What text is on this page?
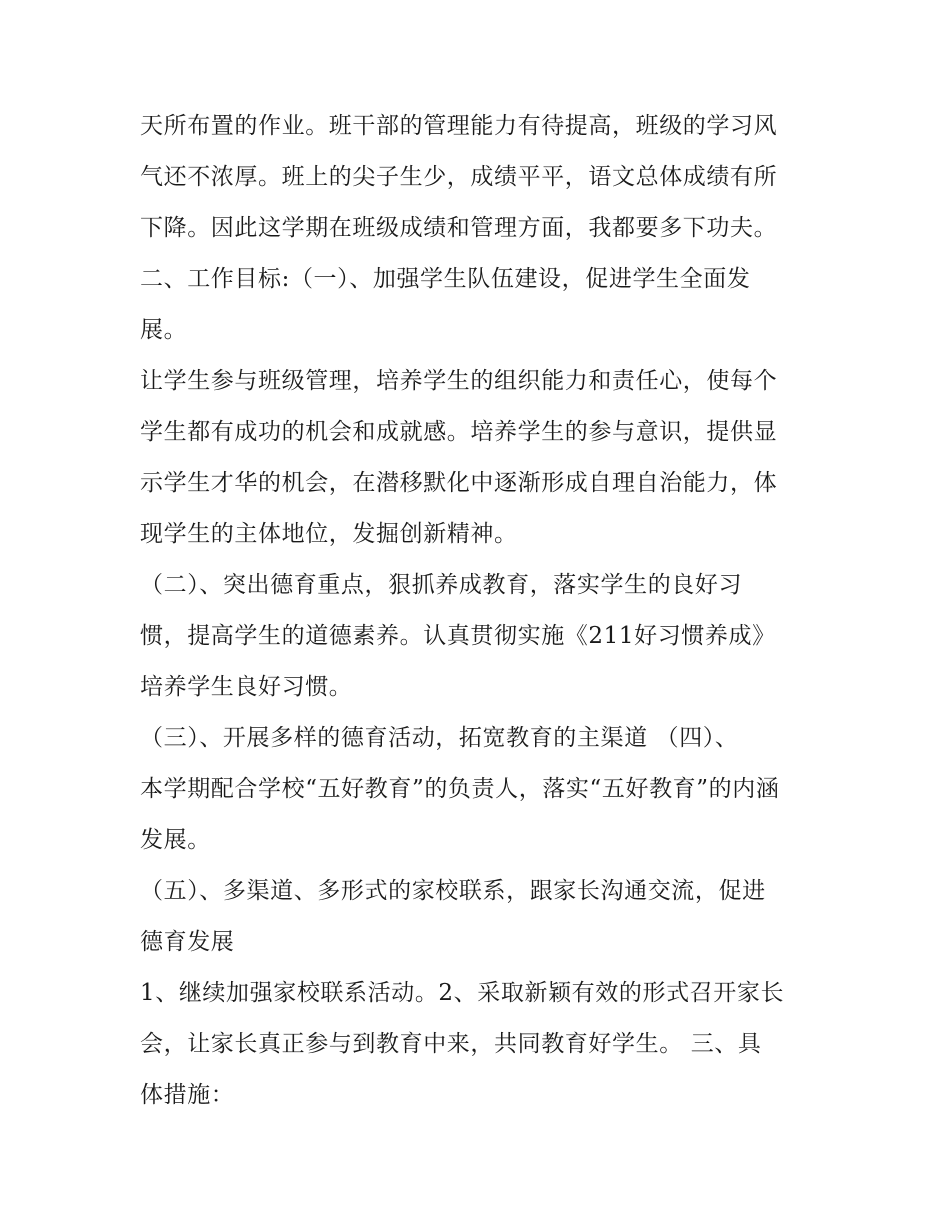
天所布置的作业。班干部的管理能力有待提高，班级的学习风
气还不浓厚。班上的尖子生少，成绩平平，语文总体成绩有所
下降。因此这学期在班级成绩和管理方面，我都要多下功夫。
二、工作目标:（一）、加强学生队伍建设，促进学生全面发
展。
让学生参与班级管理，培养学生的组织能力和责任心，使每个
学生都有成功的机会和成就感。培养学生的参与意识，提供显
示学生才华的机会，在潜移默化中逐渐形成自理自治能力，体
现学生的主体地位，发掘创新精神。
（二）、突出德育重点，狠抓养成教育，落实学生的良好习
惯，提高学生的道德素养。认真贯彻实施《211好习惯养成》
培养学生良好习惯。
（三）、开展多样的德育活动，拓宽教育的主渠道 （四）、
本学期配合学校“五好教育”的负责人，落实“五好教育”的内涵
发展。
（五）、多渠道、多形式的家校联系，跟家长沟通交流，促进
德育发展
1、继续加强家校联系活动。2、采取新颖有效的形式召开家长
会，让家长真正参与到教育中来，共同教育好学生。 三、具
体措施：
